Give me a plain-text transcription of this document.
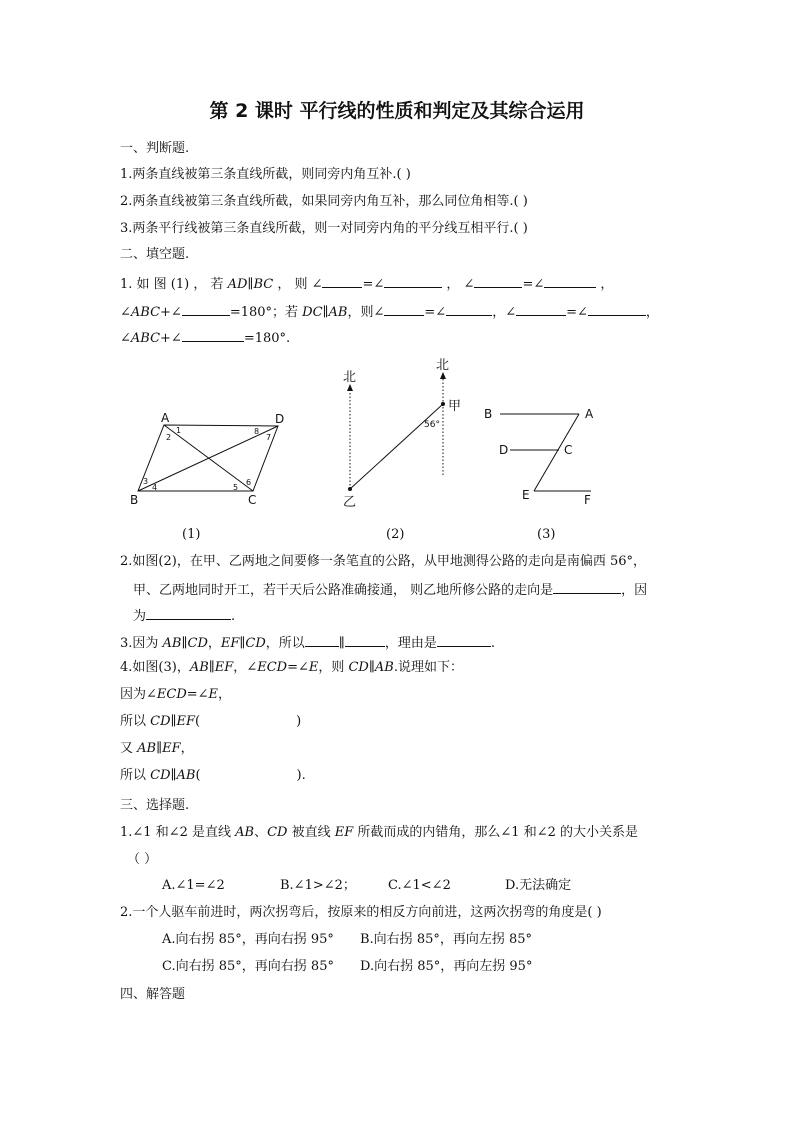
第 2 课时 平行线的性质和判定及其综合运用
一、判断题.
1.两条直线被第三条直线所截，则同旁内角互补.( )
2.两条直线被第三条直线所截，如果同旁内角互补，那么同位角相等.( )
3.两条平行线被第三条直线所截，则一对同旁内角的平分线互相平行.( )
二、填空题.
1. 如 图 (1) ， 若 AD∥BC ， 则 ∠	=∠	， ∠	=∠	，
∠ABC+∠	=180°；若 DC∥AB，则∠	=∠	，∠	=∠	，
∠ABC+∠	=180°.
A	D
B	C
1
2
3
4	5
6
7
8
北
北
甲
乙
56°
B	A
D	C
E	F
(1)	(2)	(3)
2.如图(2)，在甲、乙两地之间要修一条笔直的公路，从甲地测得公路的走向是南偏西 56°，
甲、乙两地同时开工，若干天后公路准确接通， 则乙地所修公路的走向是	，因
为	.
3.因为 AB∥CD，EF∥CD，所以	∥	，理由是	.
4.如图(3)，AB∥EF，∠ECD=∠E，则 CD∥AB.说理如下：
因为∠ECD=∠E，
所以 CD∥EF(	)
又 AB∥EF，
所以 CD∥AB(	).
三、选择题.
1.∠1 和∠2 是直线 AB、CD 被直线 EF 所截而成的内错角，那么∠1 和∠2 的大小关系是
（ ）
A.∠1=∠2	B.∠1>∠2； C.∠1<∠2	D.无法确定
2.一个人驱车前进时，两次拐弯后，按原来的相反方向前进，这两次拐弯的角度是( )
A.向右拐 85°，再向右拐 95° B.向右拐 85°，再向左拐 85°
C.向右拐 85°，再向右拐 85° D.向右拐 85°，再向左拐 95°
四、解答题
